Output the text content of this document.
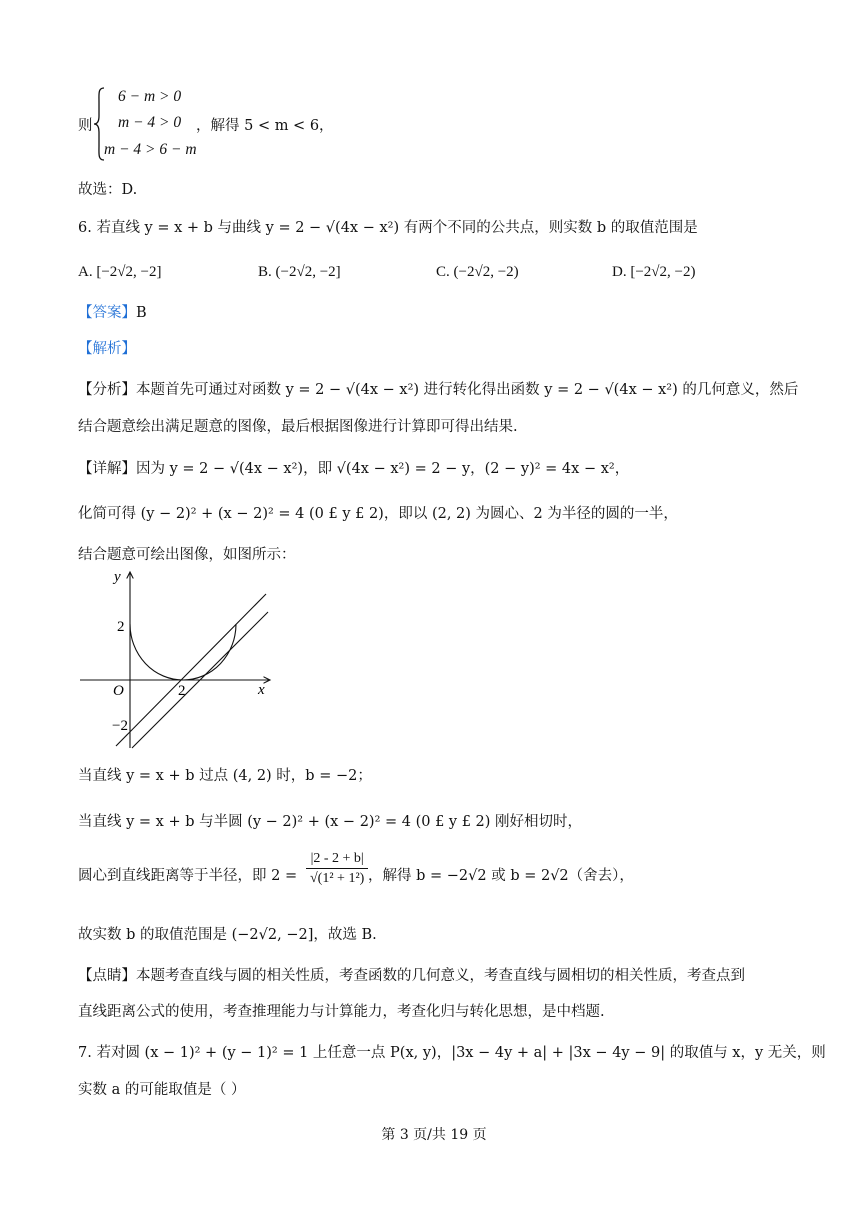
则
6 − m > 0
m − 4 > 0
m − 4 > 6 − m
，解得 5 < m < 6，
故选：D.
6. 若直线 y = x + b 与曲线 y = 2 − √(4x − x²) 有两个不同的公共点，则实数 b 的取值范围是
A. [−2√2, −2]	B. (−2√2, −2]	C. (−2√2, −2)	D. [−2√2, −2)
【答案】B
【解析】
【分析】本题首先可通过对函数 y = 2 − √(4x − x²) 进行转化得出函数 y = 2 − √(4x − x²) 的几何意义，然后
结合题意绘出满足题意的图像，最后根据图像进行计算即可得出结果.
【详解】因为 y = 2 − √(4x − x²)，即 √(4x − x²) = 2 − y，(2 − y)² = 4x − x²，
化简可得 (y − 2)² + (x − 2)² = 4 (0 £ y £ 2)，即以 (2, 2) 为圆心、2 为半径的圆的一半，
结合题意可绘出图像，如图所示：
y
x
O
2
−2
2
当直线 y = x + b 过点 (4, 2) 时，b = −2；
当直线 y = x + b 与半圆 (y − 2)² + (x − 2)² = 4 (0 £ y £ 2) 刚好相切时，
圆心到直线距离等于半径，即 $2 = \frac{|2 - 2 + b|}{\text{√(1² + 1²)}}$ ，解得 b = −2√2 或 b = 2√2（舍去），
故实数 b 的取值范围是 (−2√2, −2]，故选 B.
【点睛】本题考查直线与圆的相关性质，考查函数的几何意义，考查直线与圆相切的相关性质，考查点到
直线距离公式的使用，考查推理能力与计算能力，考查化归与转化思想，是中档题.
7. 若对圆 (x − 1)² + (y − 1)² = 1 上任意一点 P(x, y)，|3x − 4y + a| + |3x − 4y − 9| 的取值与 x，y 无关，则
实数 a 的可能取值是（ ）
第 3 页/共 19 页
